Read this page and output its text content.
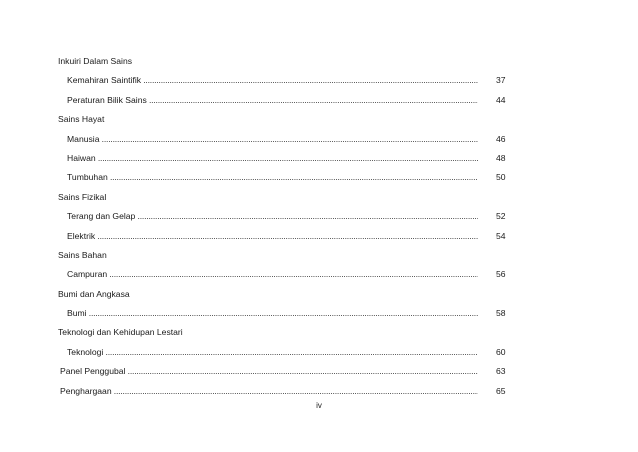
Inkuiri Dalam Sains
Kemahiran Saintifik .....	37
Peraturan Bilik Sains .....	44
Sains Hayat
Manusia .....	46
Haiwan .....	48
Tumbuhan .....	50
Sains Fizikal
Terang dan Gelap .....	52
Elektrik .....	54
Sains Bahan
Campuran .....	56
Bumi dan Angkasa
Bumi .....	58
Teknologi dan Kehidupan Lestari
Teknologi .....	60
Panel Penggubal .....	63
Penghargaan .....	65
iv
